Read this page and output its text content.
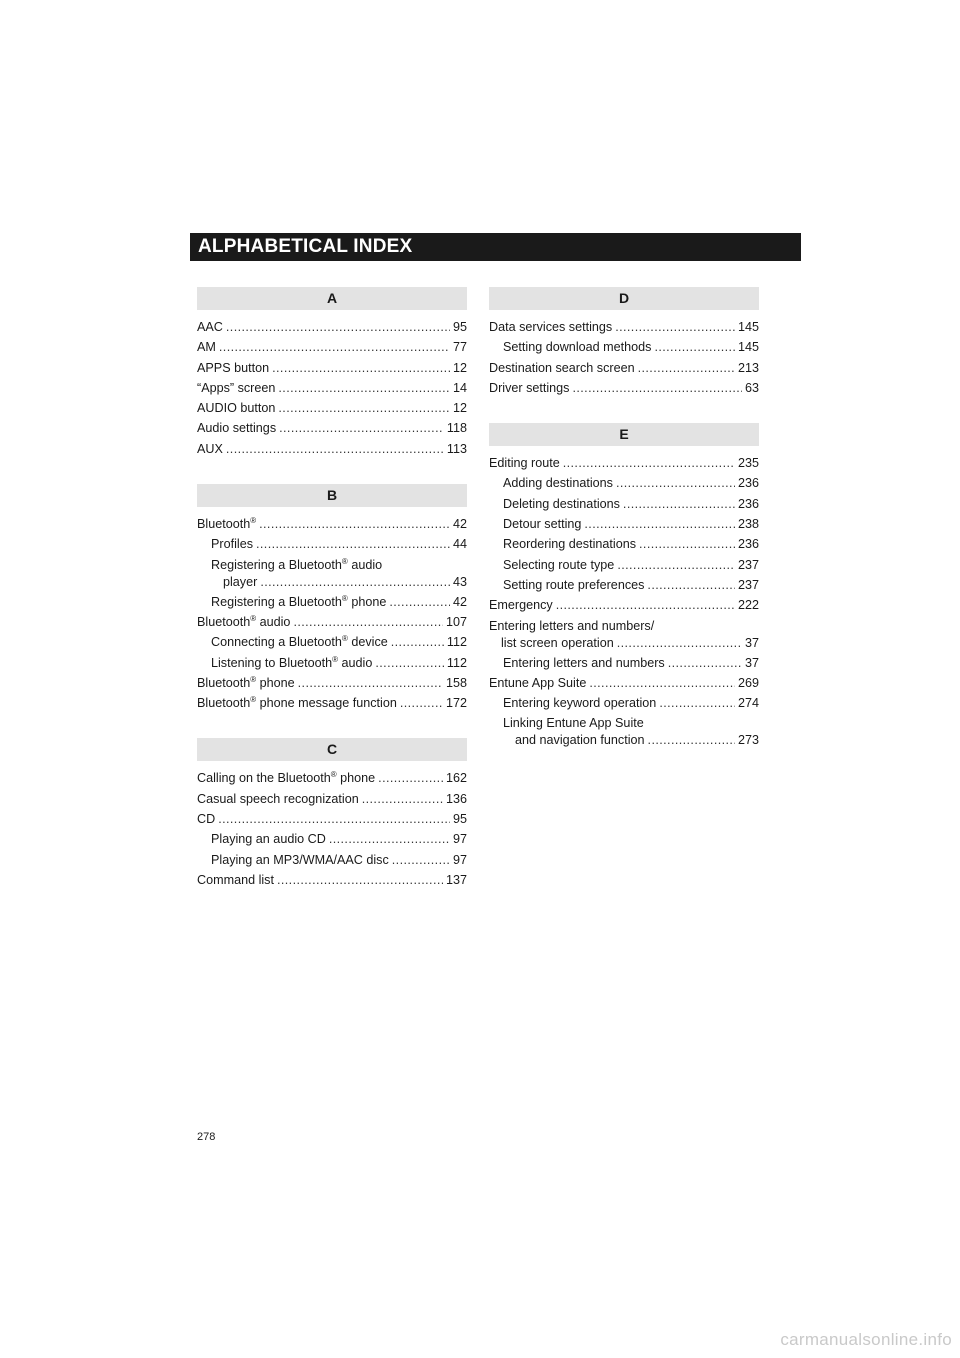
ALPHABETICAL INDEX
A
AAC .....	95
AM .....	77
APPS button .....	12
“Apps” screen .....	14
AUDIO button .....	12
Audio settings .....	118
AUX .....	113
B
Bluetooth® .....	42
Profiles .....	44
Registering a Bluetooth® audio
player .....	43
Registering a Bluetooth® phone .....	42
Bluetooth® audio .....	107
Connecting a Bluetooth® device .....	112
Listening to Bluetooth® audio .....	112
Bluetooth® phone .....	158
Bluetooth® phone message function .....	172
C
Calling on the Bluetooth® phone .....	162
Casual speech recognization .....	136
CD .....	95
Playing an audio CD .....	97
Playing an MP3/WMA/AAC disc .....	97
Command list .....	137
D
Data services settings .....	145
Setting download methods .....	145
Destination search screen .....	213
Driver settings .....	63
E
Editing route .....	235
Adding destinations .....	236
Deleting destinations .....	236
Detour setting .....	238
Reordering destinations .....	236
Selecting route type .....	237
Setting route preferences .....	237
Emergency .....	222
Entering letters and numbers/
list screen operation .....	37
Entering letters and numbers .....	37
Entune App Suite .....	269
Entering keyword operation .....	274
Linking Entune App Suite
and navigation function .....	273
278
carmanualsonline.info
